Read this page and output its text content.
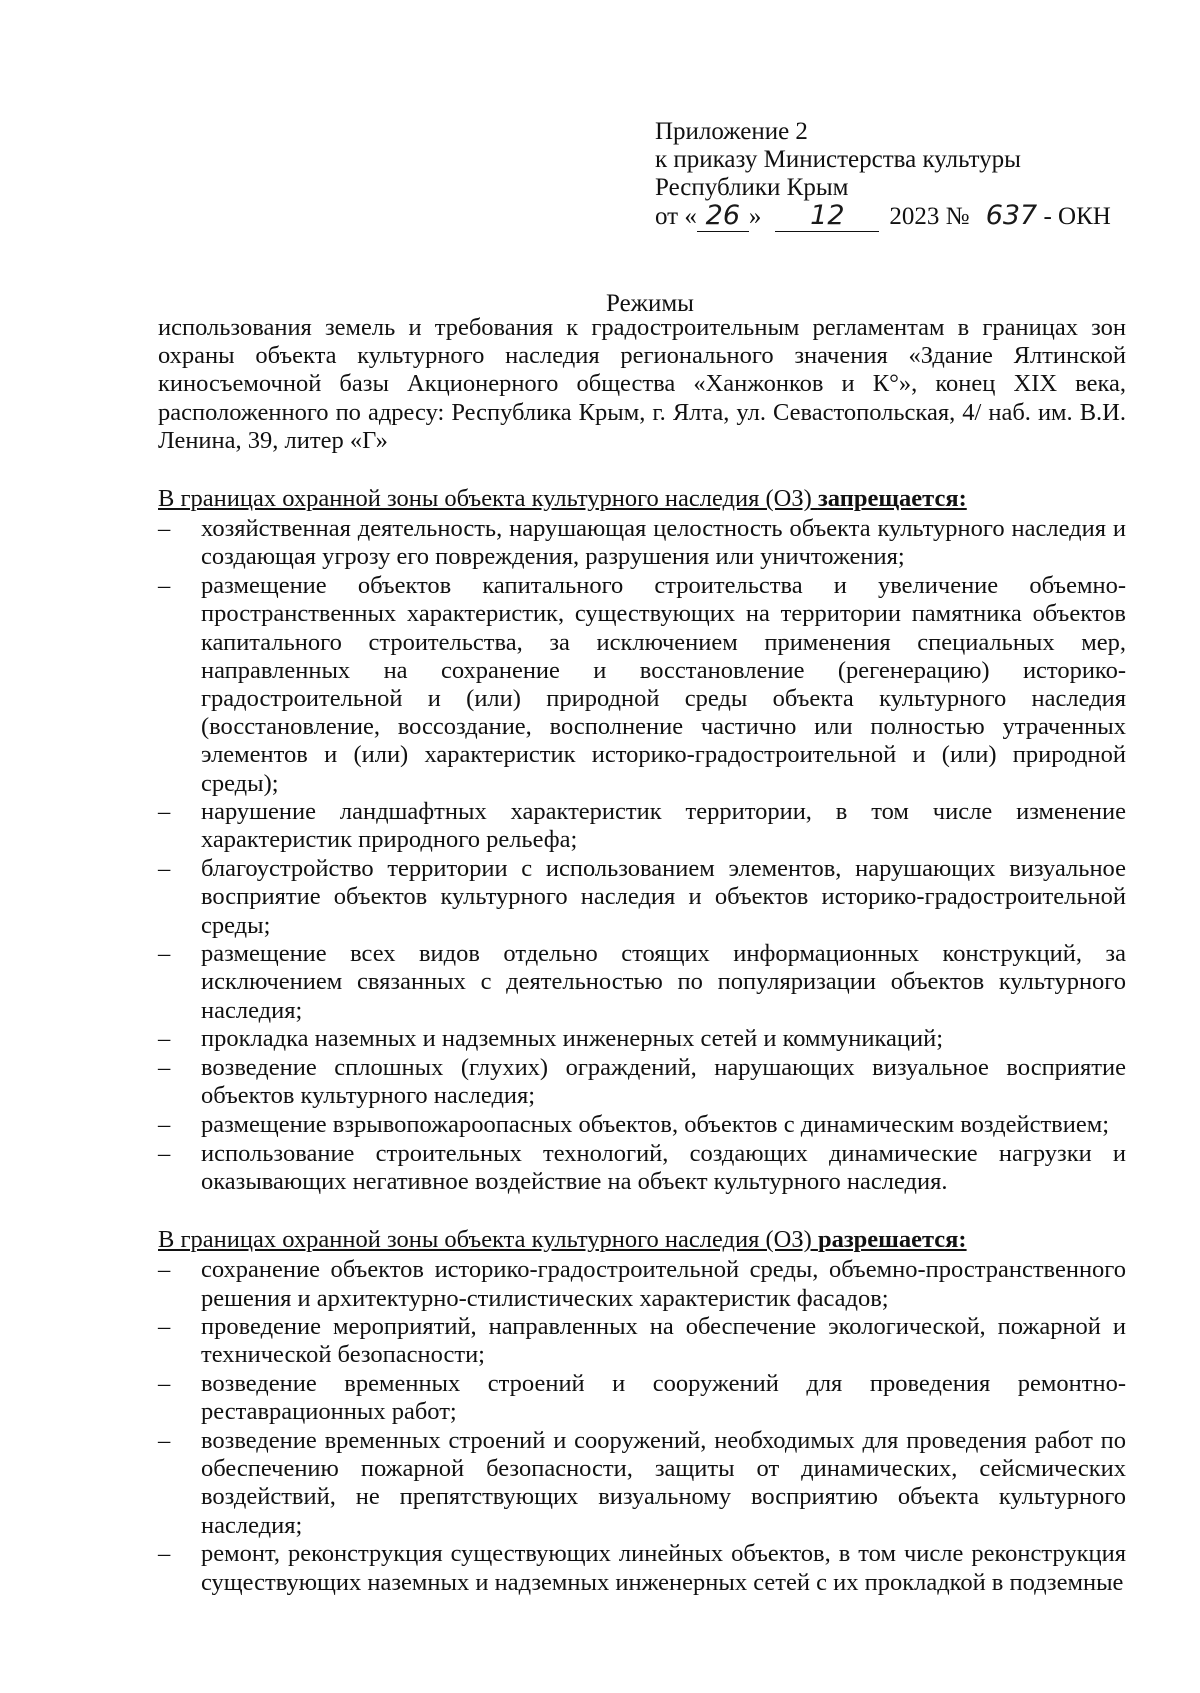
Приложение 2
к приказу Министерства культуры
Республики Крым
от « 26 »	12	2023 № 637 - ОКН
Режимы

использования земель и требования к градостроительным регламентам в границах зон охраны объекта культурного наследия регионального значения «Здание Ялтинской киносъемочной базы Акционерного общества «Ханжонков и К°», конец XIX века, расположенного по адресу: Республика Крым, г. Ялта, ул. Севастопольская, 4/ наб. им. В.И. Ленина, 39, литер «Г»

В границах охранной зоны объекта культурного наследия (ОЗ) запрещается:
– хозяйственная деятельность, нарушающая целостность объекта культурного наследия и создающая угрозу его повреждения, разрушения или уничтожения;
– размещение объектов капитального строительства и увеличение объемно-пространственных характеристик, существующих на территории памятника объектов капитального строительства, за исключением применения специальных мер, направленных на сохранение и восстановление (регенерацию) историко-градостроительной и (или) природной среды объекта культурного наследия (восстановление, воссоздание, восполнение частично или полностью утраченных элементов и (или) характеристик историко-градостроительной и (или) природной среды);
– нарушение ландшафтных характеристик территории, в том числе изменение характеристик природного рельефа;
– благоустройство территории с использованием элементов, нарушающих визуальное восприятие объектов культурного наследия и объектов историко-градостроительной среды;
– размещение всех видов отдельно стоящих информационных конструкций, за исключением связанных с деятельностью по популяризации объектов культурного наследия;
– прокладка наземных и надземных инженерных сетей и коммуникаций;
– возведение сплошных (глухих) ограждений, нарушающих визуальное восприятие объектов культурного наследия;
– размещение взрывопожароопасных объектов, объектов с динамическим воздействием;
– использование строительных технологий, создающих динамические нагрузки и оказывающих негативное воздействие на объект культурного наследия.
В границах охранной зоны объекта культурного наследия (ОЗ) разрешается:
– сохранение объектов историко-градостроительной среды, объемно-пространственного решения и архитектурно-стилистических характеристик фасадов;
– проведение мероприятий, направленных на обеспечение экологической, пожарной и технической безопасности;
– возведение временных строений и сооружений для проведения ремонтно-реставрационных работ;
– возведение временных строений и сооружений, необходимых для проведения работ по обеспечению пожарной безопасности, защиты от динамических, сейсмических воздействий, не препятствующих визуальному восприятию объекта культурного наследия;
– ремонт, реконструкция существующих линейных объектов, в том числе реконструкция существующих наземных и надземных инженерных сетей с их прокладкой в подземные
